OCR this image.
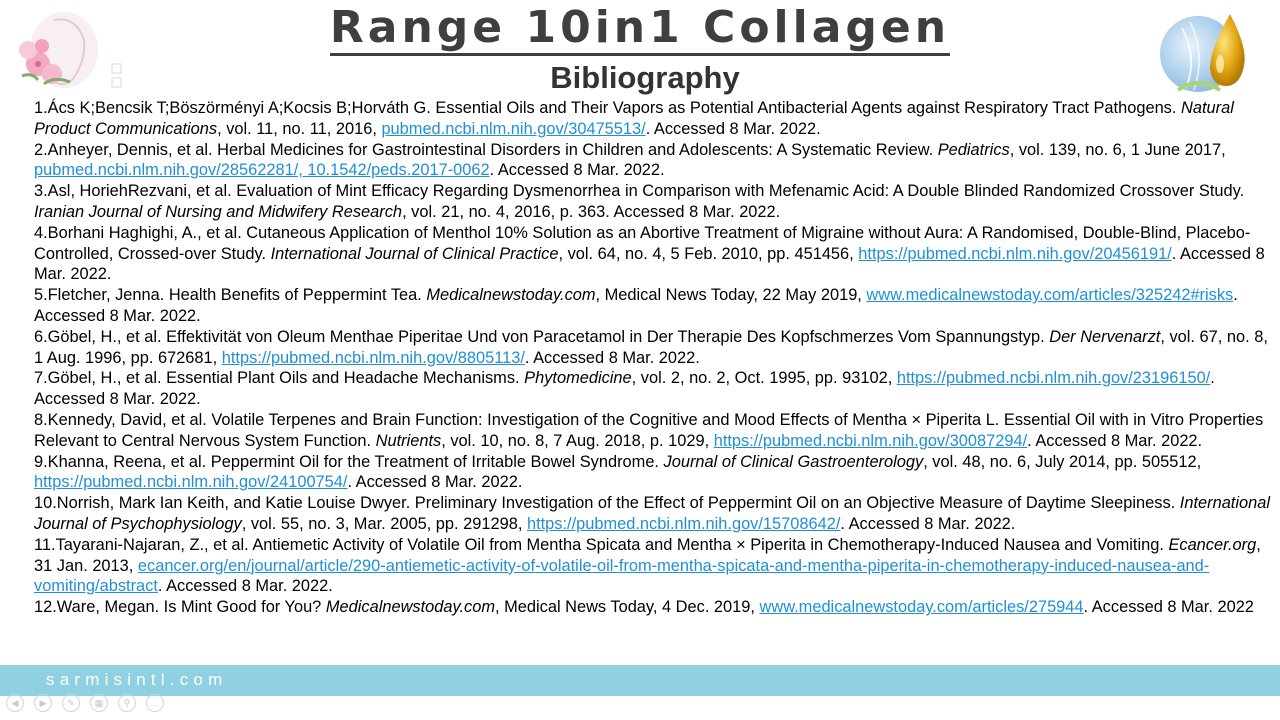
Range 10in1 Collagen
Bibliography

1.Ács K;Bencsik T;Böszörményi A;Kocsis B;Horváth G. Essential Oils and Their Vapors as Potential Antibacterial Agents against Respiratory Tract Pathogens. Natural Product Communications, vol. 11, no. 11, 2016, pubmed.ncbi.nlm.nih.gov/30475513/. Accessed 8 Mar. 2022.

2.Anheyer, Dennis, et al. Herbal Medicines for Gastrointestinal Disorders in Children and Adolescents: A Systematic Review. Pediatrics, vol. 139, no. 6, 1 June 2017, pubmed.ncbi.nlm.nih.gov/28562281/, 10.1542/peds.2017-0062. Accessed 8 Mar. 2022.

3.Asl, HoriehRezvani, et al. Evaluation of Mint Efficacy Regarding Dysmenorrhea in Comparison with Mefenamic Acid: A Double Blinded Randomized Crossover Study. Iranian Journal of Nursing and Midwifery Research, vol. 21, no. 4, 2016, p. 363. Accessed 8 Mar. 2022.

4.Borhani Haghighi, A., et al. Cutaneous Application of Menthol 10% Solution as an Abortive Treatment of Migraine without Aura: A Randomised, Double-Blind, Placebo-Controlled, Crossed-over Study. International Journal of Clinical Practice, vol. 64, no. 4, 5 Feb. 2010, pp. 451456, https://pubmed.ncbi.nlm.nih.gov/20456191/. Accessed 8 Mar. 2022.

5.Fletcher, Jenna. Health Benefits of Peppermint Tea. Medicalnewstoday.com, Medical News Today, 22 May 2019, www.medicalnewstoday.com/articles/325242#risks. Accessed 8 Mar. 2022.

6.Göbel, H., et al. Effektivität von Oleum Menthae Piperitae Und von Paracetamol in Der Therapie Des Kopfschmerzes Vom Spannungstyp. Der Nervenarzt, vol. 67, no. 8, 1 Aug. 1996, pp. 672681, https://pubmed.ncbi.nlm.nih.gov/8805113/. Accessed 8 Mar. 2022.

7.Göbel, H., et al. Essential Plant Oils and Headache Mechanisms. Phytomedicine, vol. 2, no. 2, Oct. 1995, pp. 93102, https://pubmed.ncbi.nlm.nih.gov/23196150/. Accessed 8 Mar. 2022.

8.Kennedy, David, et al. Volatile Terpenes and Brain Function: Investigation of the Cognitive and Mood Effects of Mentha × Piperita L. Essential Oil with in Vitro Properties Relevant to Central Nervous System Function. Nutrients, vol. 10, no. 8, 7 Aug. 2018, p. 1029, https://pubmed.ncbi.nlm.nih.gov/30087294/. Accessed 8 Mar. 2022.

9.Khanna, Reena, et al. Peppermint Oil for the Treatment of Irritable Bowel Syndrome. Journal of Clinical Gastroenterology, vol. 48, no. 6, July 2014, pp. 505512, https://pubmed.ncbi.nlm.nih.gov/24100754/. Accessed 8 Mar. 2022.

10.Norrish, Mark Ian Keith, and Katie Louise Dwyer. Preliminary Investigation of the Effect of Peppermint Oil on an Objective Measure of Daytime Sleepiness. International Journal of Psychophysiology, vol. 55, no. 3, Mar. 2005, pp. 291298, https://pubmed.ncbi.nlm.nih.gov/15708642/. Accessed 8 Mar. 2022.

11.Tayarani-Najaran, Z., et al. Antiemetic Activity of Volatile Oil from Mentha Spicata and Mentha × Piperita in Chemotherapy-Induced Nausea and Vomiting. Ecancer.org, 31 Jan. 2013, ecancer.org/en/journal/article/290-antiemetic-activity-of-volatile-oil-from-mentha-spicata-and-mentha-piperita-in-chemotherapy-induced-nausea-and-vomiting/abstract. Accessed 8 Mar. 2022.

12.Ware, Megan. Is Mint Good for You? Medicalnewstoday.com, Medical News Today, 4 Dec. 2019, www.medicalnewstoday.com/articles/275944. Accessed 8 Mar. 2022

sarmisintl.com
◀	▶	✎	▦	⚲	…
